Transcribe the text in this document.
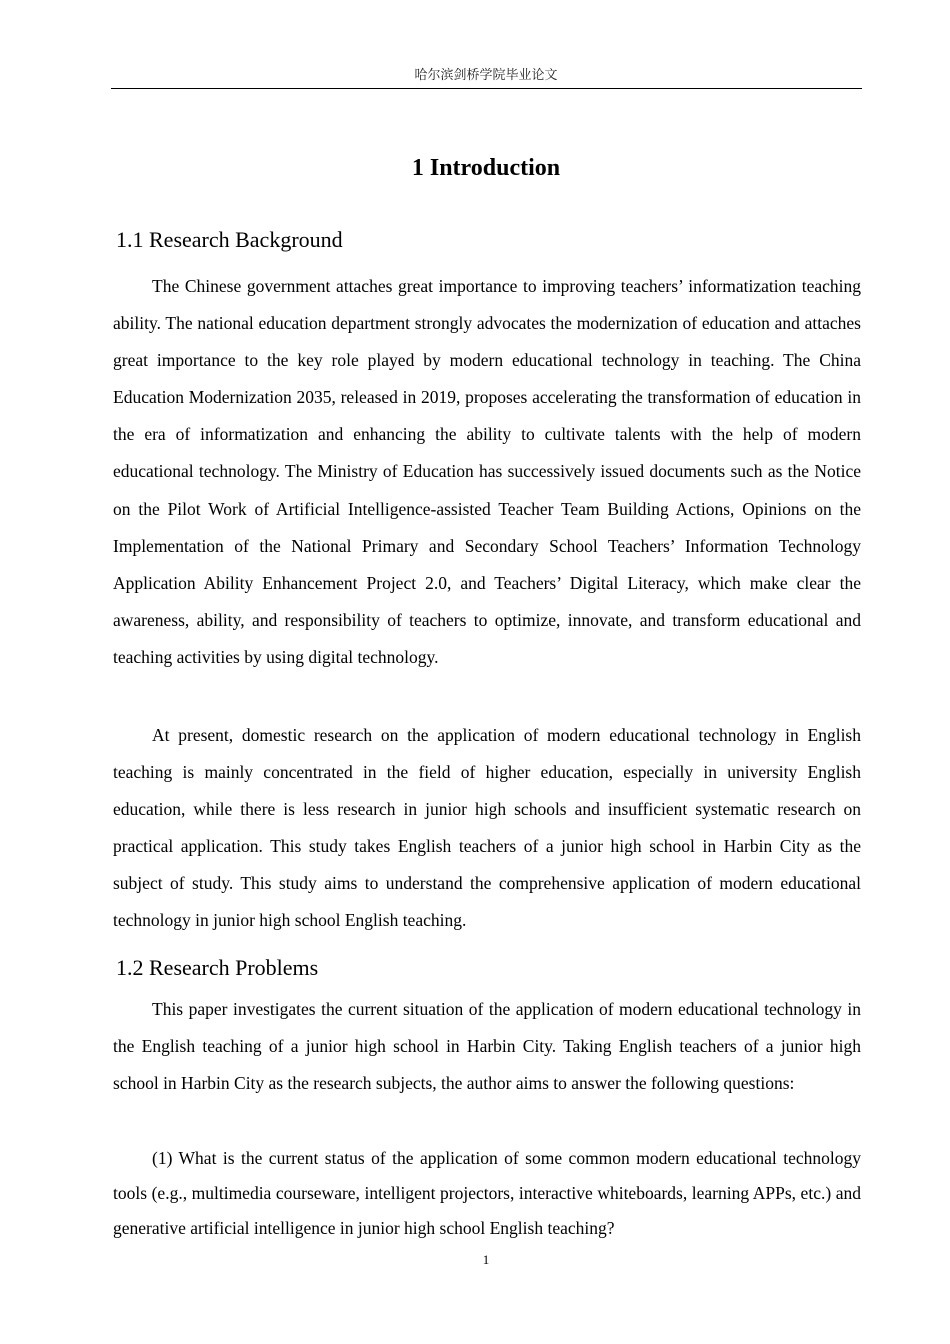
哈尔滨剑桥学院毕业论文
1 Introduction
1.1 Research Background

The Chinese government attaches great importance to improving teachers’ informatization teaching ability. The national education department strongly advocates the modernization of education and attaches great importance to the key role played by modern educational technology in teaching. The China Education Modernization 2035, released in 2019, proposes accelerating the transformation of education in the era of informatization and enhancing the ability to cultivate talents with the help of modern educational technology. The Ministry of Education has successively issued documents such as the Notice on the Pilot Work of Artificial Intelligence-assisted Teacher Team Building Actions, Opinions on the Implementation of the National Primary and Secondary School Teachers’ Information Technology Application Ability Enhancement Project 2.0, and Teachers’ Digital Literacy, which make clear the awareness, ability, and responsibility of teachers to optimize, innovate, and transform educational and teaching activities by using digital technology.

At present, domestic research on the application of modern educational technology in English teaching is mainly concentrated in the field of higher education, especially in university English education, while there is less research in junior high schools and insufficient systematic research on practical application. This study takes English teachers of a junior high school in Harbin City as the subject of study. This study aims to understand the comprehensive application of modern educational technology in junior high school English teaching.

1.2 Research Problems

This paper investigates the current situation of the application of modern educational technology in the English teaching of a junior high school in Harbin City. Taking English teachers of a junior high school in Harbin City as the research subjects, the author aims to answer the following questions:

(1) What is the current status of the application of some common modern educational technology tools (e.g., multimedia courseware, intelligent projectors, interactive whiteboards, learning APPs, etc.) and generative artificial intelligence in junior high school English teaching?

1
